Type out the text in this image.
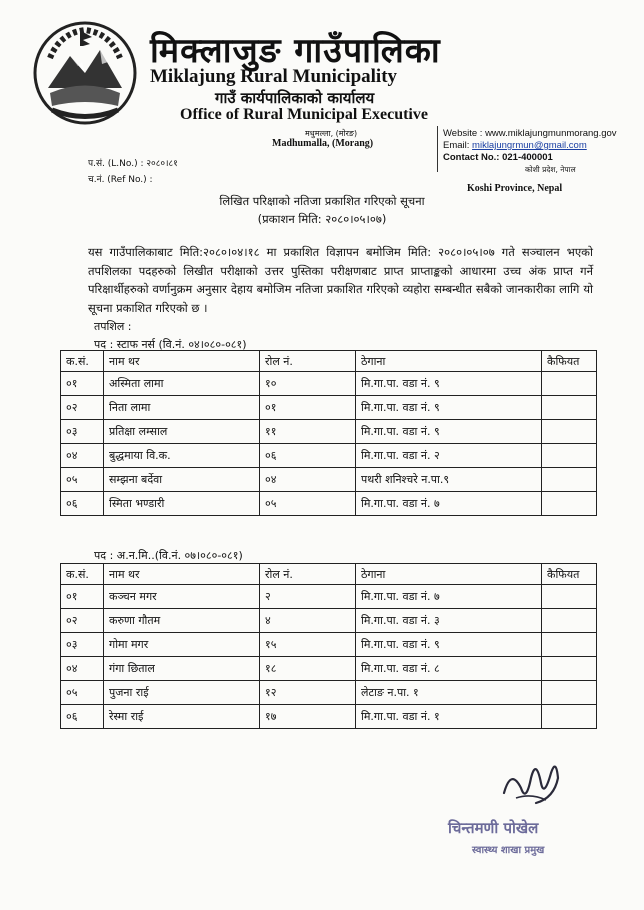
मिक्लाजुङ गाउँपालिका
Miklajung Rural Municipality
गाउँ कार्यपालिकाको कार्यालय
Office of Rural Municipal Executive
मधुमल्ला, (मोरङ)
Madhumalla, (Morang)
Website : www.miklajungmunmorang.gov
Email: miklajungrmun@gmail.com
Contact No.: 021-400001
कोशी प्रदेश, नेपाल
Koshi Province, Nepal
प.सं. (L.No.) : २०८०।८१
च.नं. (Ref No.) :
लिखित परिक्षाको नतिजा प्रकाशित गरिएको सूचना
(प्रकाशन मिति: २०८०।०५।०७)
यस गाउँपालिकाबाट मिति:२०८०।०४।१८ मा प्रकाशित विज्ञापन बमोजिम मिति: २०८०।०५।०७ गते सञ्चालन भएको तपशिलका पदहरुको लिखीत परीक्षाको उत्तर पुस्तिका परीक्षणबाट प्राप्त प्राप्ताङ्कको आधारमा उच्च अंक प्राप्त गर्ने परिक्षार्थीहरुको वर्णानुक्रम अनुसार देहाय बमोजिम नतिजा प्रकाशित गरिएको व्यहोरा सम्बन्धीत सबैको जानकारीका लागि यो सूचना प्रकाशित गरिएको छ ।
तपशिल :
पद : स्टाफ नर्स (वि.नं. ०४।०८०-०८१)
क.सं.	नाम थर	रोल नं.	ठेगाना	कैफियत
०१	अस्मिता लामा	१०	मि.गा.पा. वडा नं. ९	
०२	निता लामा	०१	मि.गा.पा. वडा नं. ९	
०३	प्रतिक्षा लम्साल	११	मि.गा.पा. वडा नं. ९	
०४	बुद्धमाया वि.क.	०६	मि.गा.पा. वडा नं. २	
०५	सम्झना बर्देवा	०४	पथरी शनिश्चरे न.पा.९	
०६	स्मिता भण्डारी	०५	मि.गा.पा. वडा नं. ७	
पद : अ.न.मि..(वि.नं. ०७।०८०-०८१)
क.सं.	नाम थर	रोल नं.	ठेगाना	कैफियत
०१	कञ्चन मगर	२	मि.गा.पा. वडा नं. ७	
०२	करुणा गौतम	४	मि.गा.पा. वडा नं. ३	
०३	गोमा मगर	१५	मि.गा.पा. वडा नं. ९	
०४	गंगा छिताल	१८	मि.गा.पा. वडा नं. ८	
०५	पुजना राई	१२	लेटाङ न.पा. १	
०६	रेस्मा राई	१७	मि.गा.पा. वडा नं. १	
चिन्तमणी पोखेल
स्वास्थ्य शाखा प्रमुख
